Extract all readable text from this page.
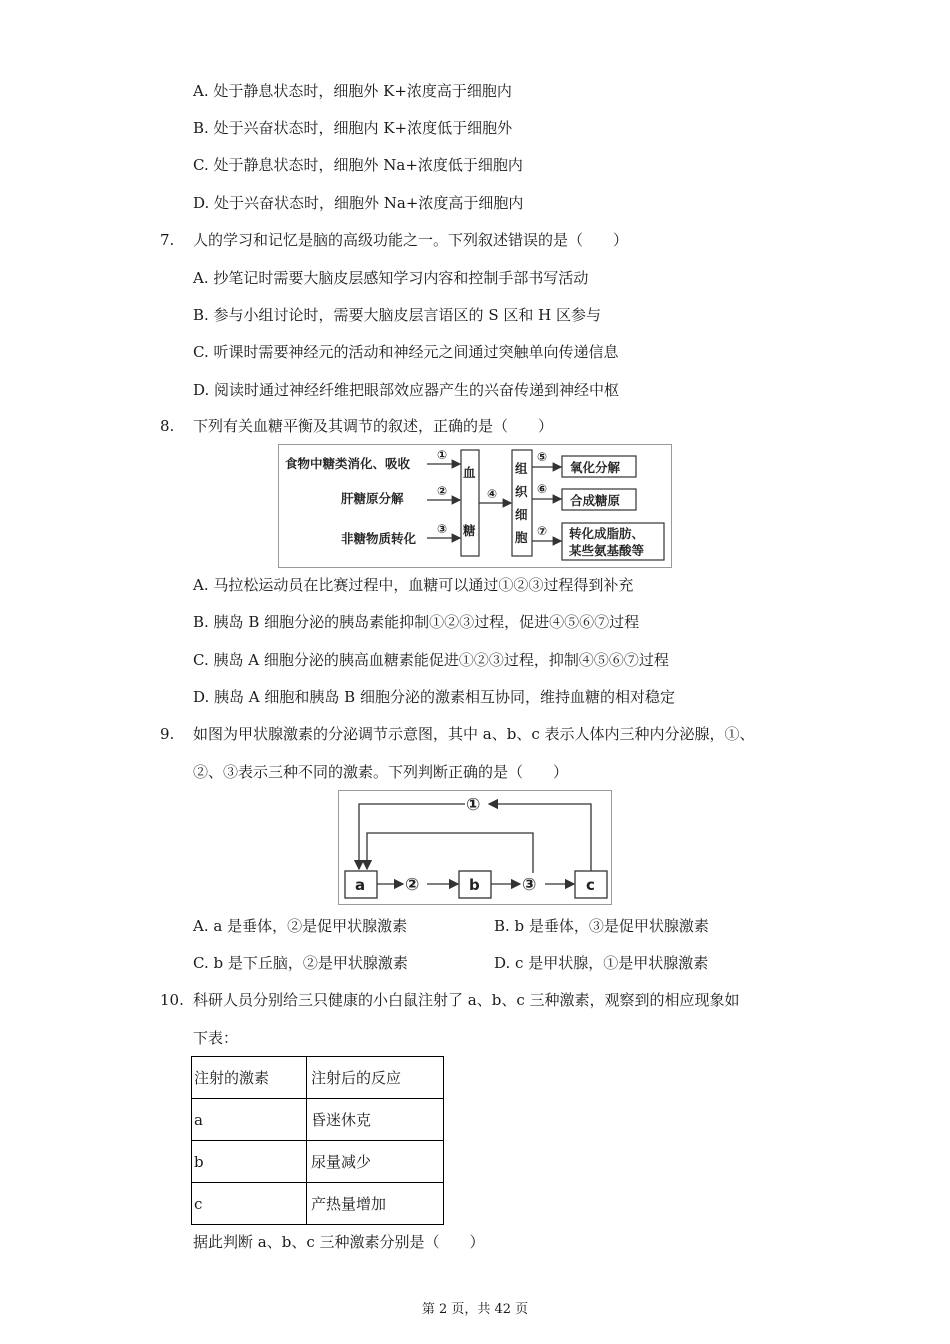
A. 处于静息状态时，细胞外 K+浓度高于细胞内
B. 处于兴奋状态时，细胞内 K+浓度低于细胞外
C. 处于静息状态时，细胞外 Na+浓度低于细胞内
D. 处于兴奋状态时，细胞外 Na+浓度高于细胞内
7. 人的学习和记忆是脑的高级功能之一。下列叙述错误的是（　　）
A. 抄笔记时需要大脑皮层感知学习内容和控制手部书写活动
B. 参与小组讨论时，需要大脑皮层言语区的 S 区和 H 区参与
C. 听课时需要神经元的活动和神经元之间通过突触单向传递信息
D. 阅读时通过神经纤维把眼部效应器产生的兴奋传递到神经中枢
8. 下列有关血糖平衡及其调节的叙述，正确的是（　　）
食物中糖类消化、吸收
肝糖原分解
非糖物质转化
①
②
③
血
糖
④
组
织
细
胞
⑤
⑥
⑦
氧化分解
合成糖原
转化成脂肪、
某些氨基酸等
A. 马拉松运动员在比赛过程中，血糖可以通过①②③过程得到补充
B. 胰岛 B 细胞分泌的胰岛素能抑制①②③过程，促进④⑤⑥⑦过程
C. 胰岛 A 细胞分泌的胰高血糖素能促进①②③过程，抑制④⑤⑥⑦过程
D. 胰岛 A 细胞和胰岛 B 细胞分泌的激素相互协同，维持血糖的相对稳定
9. 如图为甲状腺激素的分泌调节示意图，其中 a、b、c 表示人体内三种内分泌腺，①、
②、③表示三种不同的激素。下列判断正确的是（　　）
a	b	c
②	③
①
A. a 是垂体，②是促甲状腺激素	B. b 是垂体，③是促甲状腺激素
C. b 是下丘脑，②是甲状腺激素	D. c 是甲状腺，①是甲状腺激素
10. 科研人员分别给三只健康的小白鼠注射了 a、b、c 三种激素，观察到的相应现象如
下表：
注射的激素	注射后的反应
a	昏迷休克
b	尿量减少
c	产热量增加
据此判断 a、b、c 三种激素分别是（　　）
第 2 页，共 42 页
